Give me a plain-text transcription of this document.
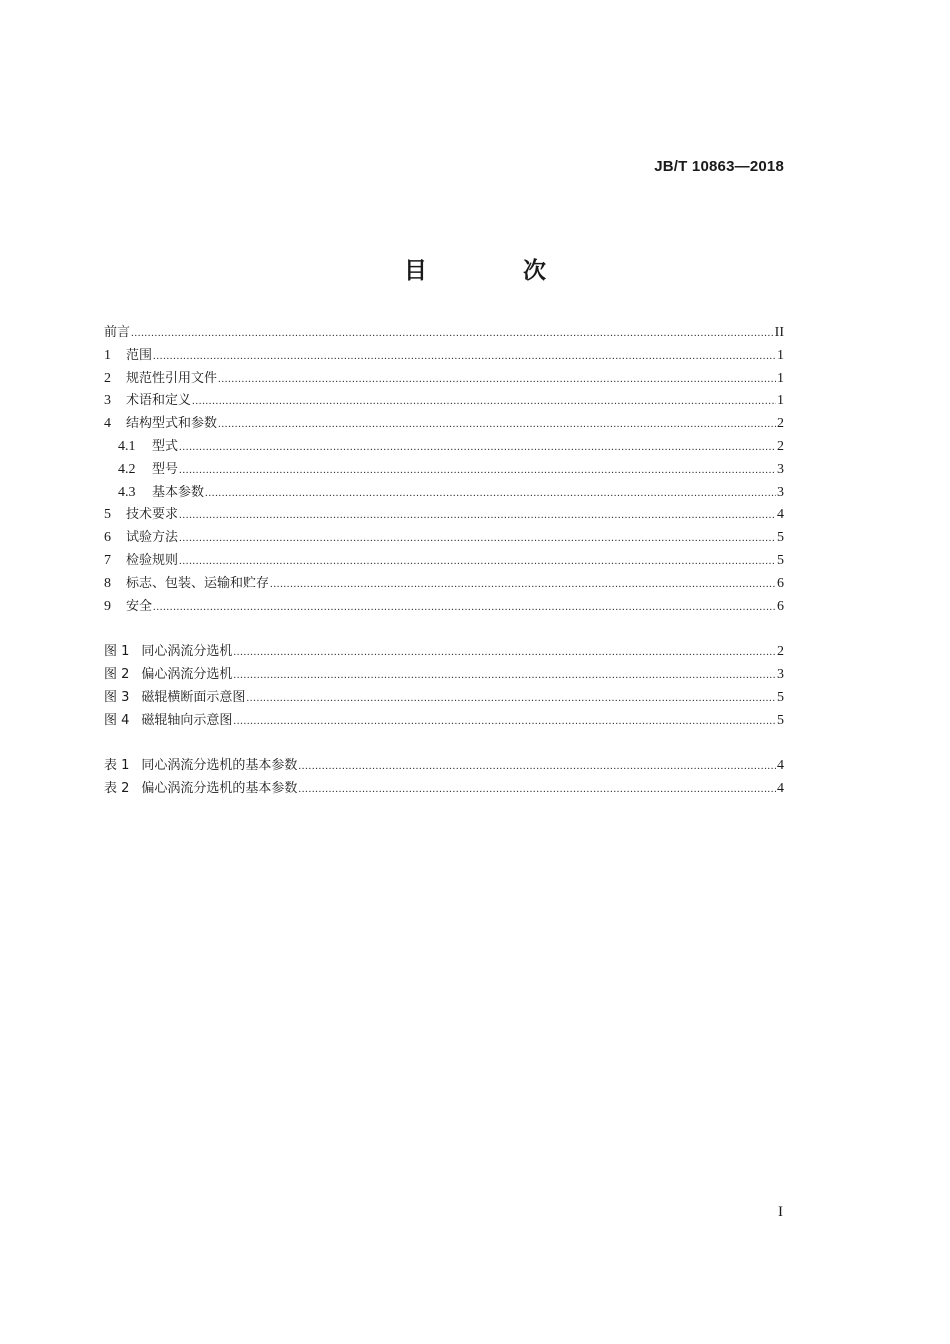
JB/T 10863—2018
目 次
前言 .....	II
1	范围 .....	1
2	规范性引用文件 .....	1
3	术语和定义 .....	1
4	结构型式和参数 .....	2
4.1	型式 .....	2
4.2	型号 .....	3
4.3	基本参数 .....	3
5	技术要求 .....	4
6	试验方法 .....	5
7	检验规则 .....	5
8	标志、包装、运输和贮存 .....	6
9	安全 .....	6
图 1 同心涡流分选机 .....	2
图 2 偏心涡流分选机 .....	3
图 3 磁辊横断面示意图 .....	5
图 4 磁辊轴向示意图 .....	5
表 1 同心涡流分选机的基本参数 .....	4
表 2 偏心涡流分选机的基本参数 .....	4
I
